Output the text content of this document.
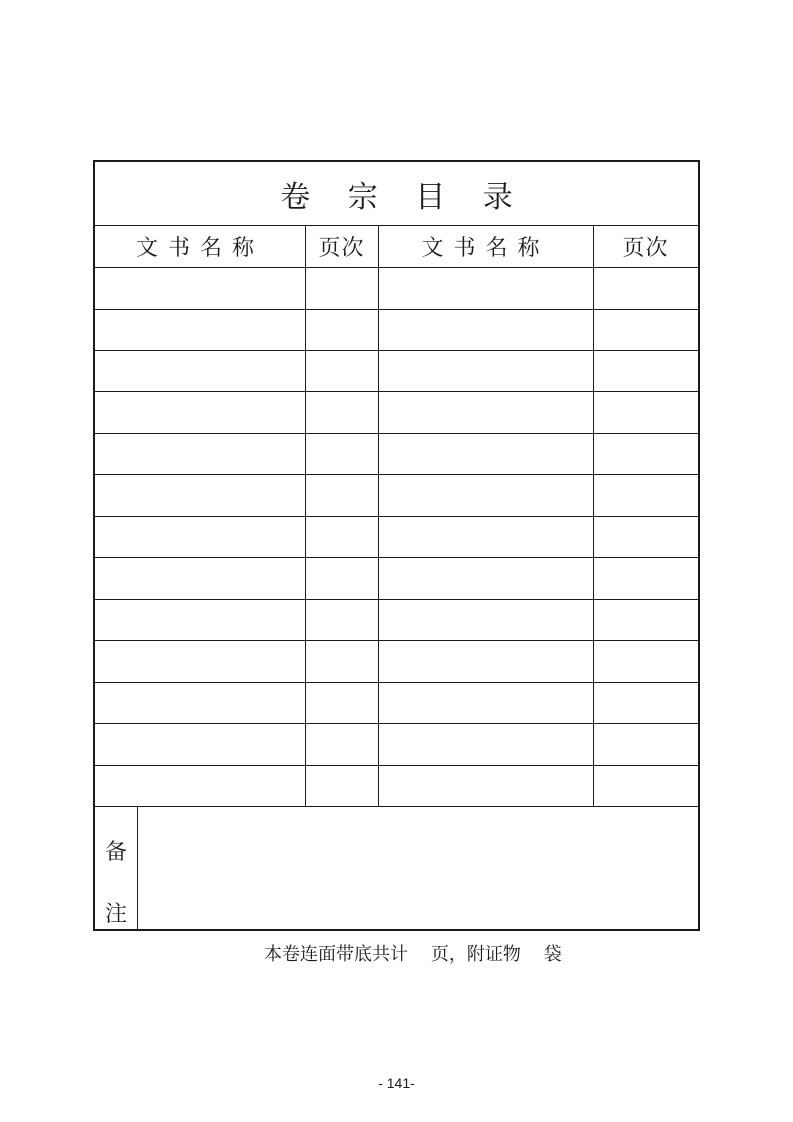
卷 宗 目 录
文书名称	页次	文书名称	页次
备
注
本卷连面带底共计    页，附证物    袋
- 141-
